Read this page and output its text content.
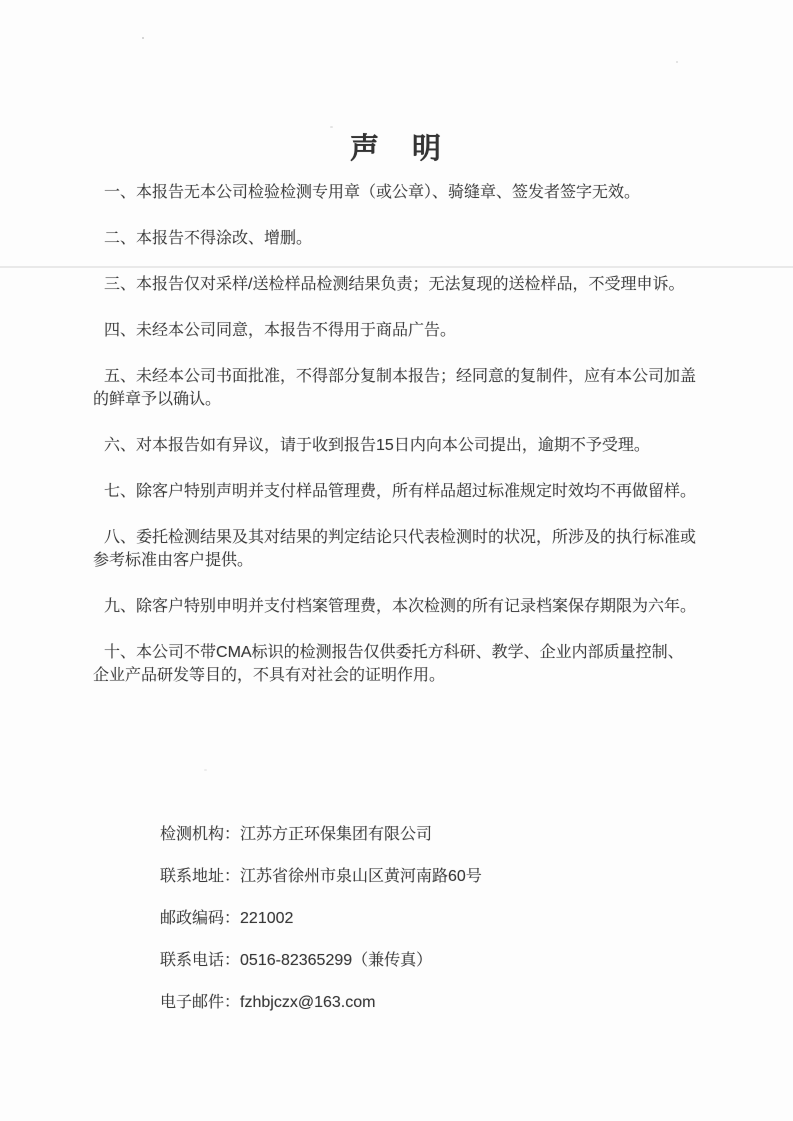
声　明

一、本报告无本公司检验检测专用章（或公章）、骑缝章、签发者签字无效。

二、本报告不得涂改、增删。

三、本报告仅对采样/送检样品检测结果负责；无法复现的送检样品，不受理申诉。

四、未经本公司同意，本报告不得用于商品广告。

五、未经本公司书面批准，不得部分复制本报告；经同意的复制件，应有本公司加盖的鲜章予以确认。

六、对本报告如有异议，请于收到报告15日内向本公司提出，逾期不予受理。

七、除客户特别声明并支付样品管理费，所有样品超过标准规定时效均不再做留样。

八、委托检测结果及其对结果的判定结论只代表检测时的状况，所涉及的执行标准或参考标准由客户提供。

九、除客户特别申明并支付档案管理费，本次检测的所有记录档案保存期限为六年。

十、本公司不带CMA标识的检测报告仅供委托方科研、教学、企业内部质量控制、企业产品研发等目的，不具有对社会的证明作用。

检测机构：江苏方正环保集团有限公司

联系地址：江苏省徐州市泉山区黄河南路60号

邮政编码：221002

联系电话：0516-82365299（兼传真）

电子邮件：fzhbjczx@163.com
